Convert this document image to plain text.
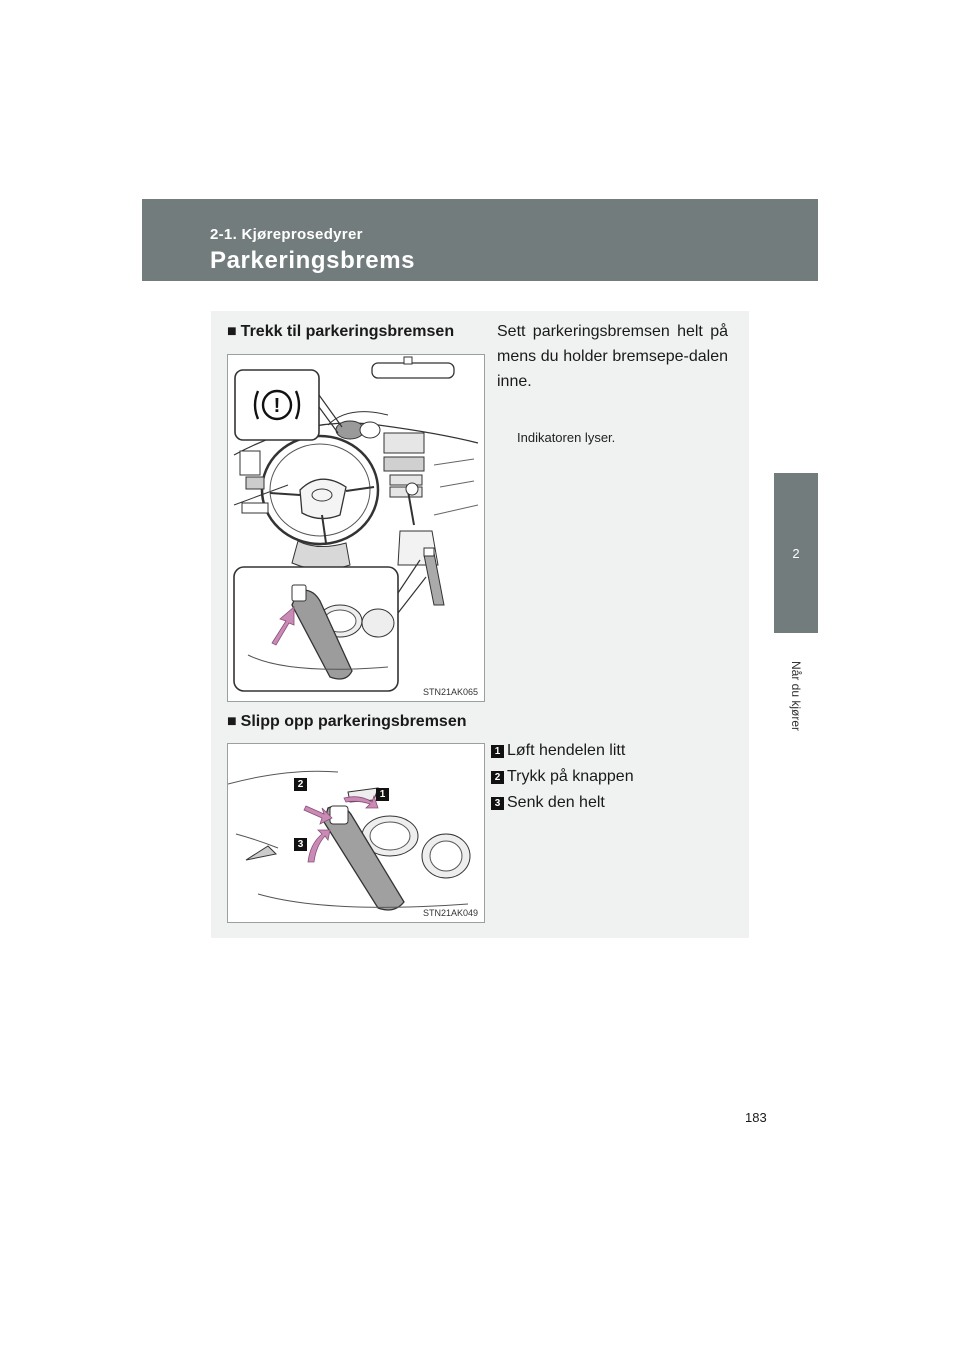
2-1. Kjøreprosedyrer
Parkeringsbrems
2
Når du kjører
■ Trekk til parkeringsbremsen
!
STN21AK065
Sett parkeringsbremsen helt på mens du holder bremsepe-dalen inne.
Indikatoren lyser.
■ Slipp opp parkeringsbremsen
2
1
3
STN21AK049
1 Løft hendelen litt
2 Trykk på knappen
3 Senk den helt
183
